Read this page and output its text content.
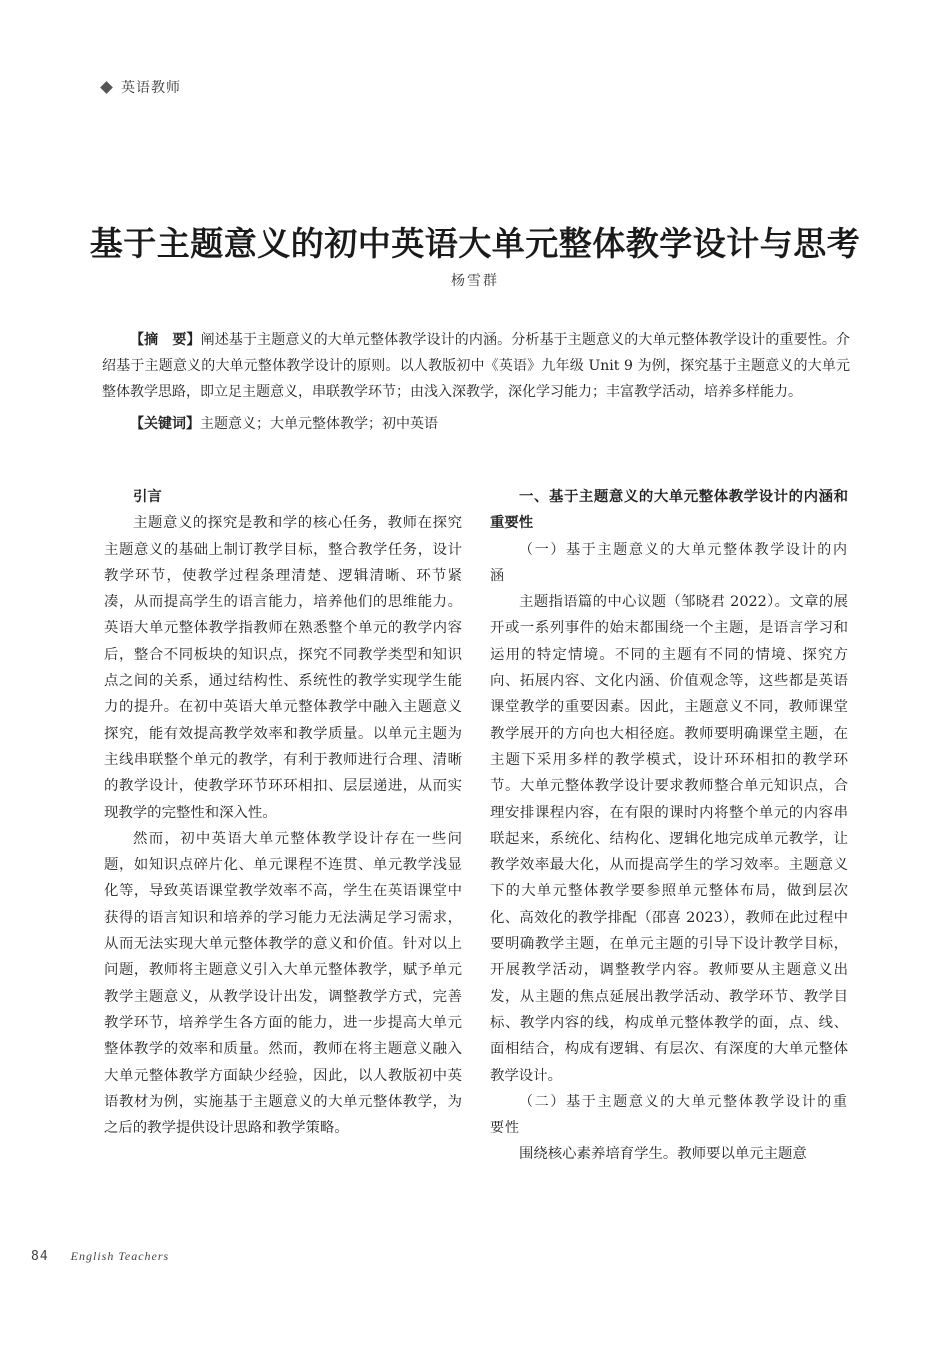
英语教师
基于主题意义的初中英语大单元整体教学设计与思考
杨雪群

【摘　要】阐述基于主题意义的大单元整体教学设计的内涵。分析基于主题意义的大单元整体教学设计的重要性。介绍基于主题意义的大单元整体教学设计的原则。以人教版初中《英语》九年级 Unit 9 为例，探究基于主题意义的大单元整体教学思路，即立足主题意义，串联教学环节；由浅入深教学，深化学习能力；丰富教学活动，培养多样能力。

【关键词】主题意义；大单元整体教学；初中英语

引言

主题意义的探究是教和学的核心任务，教师在探究主题意义的基础上制订教学目标，整合教学任务，设计教学环节，使教学过程条理清楚、逻辑清晰、环节紧凑，从而提高学生的语言能力，培养他们的思维能力。英语大单元整体教学指教师在熟悉整个单元的教学内容后，整合不同板块的知识点，探究不同教学类型和知识点之间的关系，通过结构性、系统性的教学实现学生能力的提升。在初中英语大单元整体教学中融入主题意义探究，能有效提高教学效率和教学质量。以单元主题为主线串联整个单元的教学，有利于教师进行合理、清晰的教学设计，使教学环节环环相扣、层层递进，从而实现教学的完整性和深入性。

然而，初中英语大单元整体教学设计存在一些问题，如知识点碎片化、单元课程不连贯、单元教学浅显化等，导致英语课堂教学效率不高，学生在英语课堂中获得的语言知识和培养的学习能力无法满足学习需求，从而无法实现大单元整体教学的意义和价值。针对以上问题，教师将主题意义引入大单元整体教学，赋予单元教学主题意义，从教学设计出发，调整教学方式，完善教学环节，培养学生各方面的能力，进一步提高大单元整体教学的效率和质量。然而，教师在将主题意义融入大单元整体教学方面缺少经验，因此，以人教版初中英语教材为例，实施基于主题意义的大单元整体教学，为之后的教学提供设计思路和教学策略。

一、基于主题意义的大单元整体教学设计的内涵和重要性
（一）基于主题意义的大单元整体教学设计的内涵

主题指语篇的中心议题（邹晓君 2022）。文章的展开或一系列事件的始末都围绕一个主题，是语言学习和运用的特定情境。不同的主题有不同的情境、探究方向、拓展内容、文化内涵、价值观念等，这些都是英语课堂教学的重要因素。因此，主题意义不同，教师课堂教学展开的方向也大相径庭。教师要明确课堂主题，在主题下采用多样的教学模式，设计环环相扣的教学环节。大单元整体教学设计要求教师整合单元知识点，合理安排课程内容，在有限的课时内将整个单元的内容串联起来，系统化、结构化、逻辑化地完成单元教学，让教学效率最大化，从而提高学生的学习效率。主题意义下的大单元整体教学要参照单元整体布局，做到层次化、高效化的教学排配（邵喜 2023），教师在此过程中要明确教学主题，在单元主题的引导下设计教学目标，开展教学活动，调整教学内容。教师要从主题意义出发，从主题的焦点延展出教学活动、教学环节、教学目标、教学内容的线，构成单元整体教学的面，点、线、面相结合，构成有逻辑、有层次、有深度的大单元整体教学设计。

（二）基于主题意义的大单元整体教学设计的重要性

围绕核心素养培育学生。教师要以单元主题意

84 English Teachers
